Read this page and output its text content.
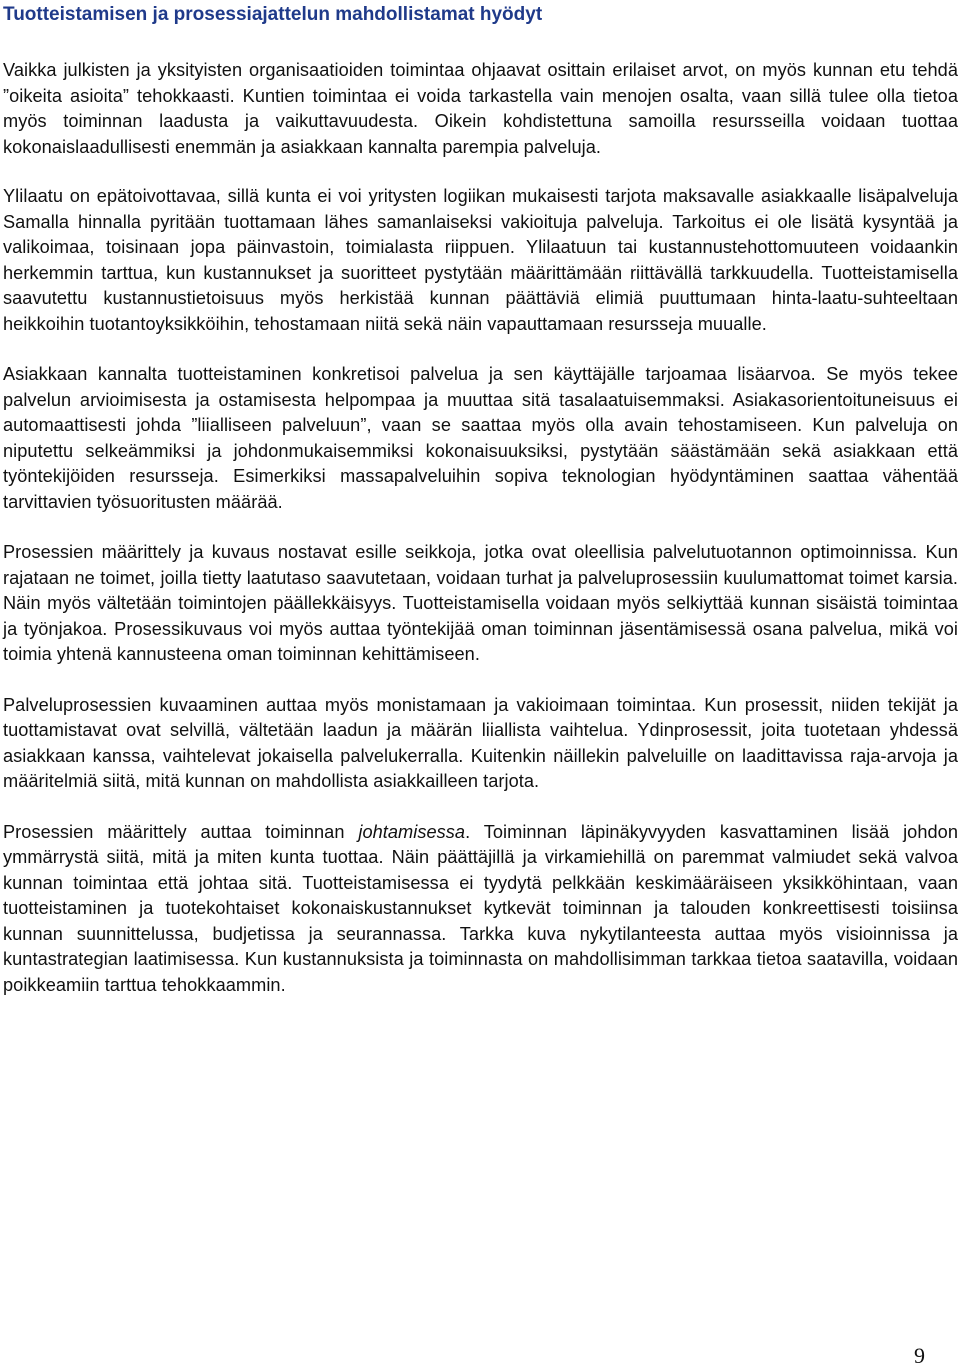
Tuotteistamisen ja prosessiajattelun mahdollistamat hyödyt

Vaikka julkisten ja yksityisten organisaatioiden toimintaa ohjaavat osittain erilaiset arvot, on myös kunnan etu tehdä ”oikeita asioita” tehokkaasti. Kuntien toimintaa ei voida tarkastella vain menojen osalta, vaan sillä tulee olla tietoa myös toiminnan laadusta ja vaikuttavuudesta. Oikein kohdistettuna samoilla resursseilla voidaan tuottaa kokonaislaadullisesti enemmän ja asiakkaan kannalta parempia palveluja.

Ylilaatu on epätoivottavaa, sillä kunta ei voi yritysten logiikan mukaisesti tarjota maksavalle asiakkaalle lisäpalveluja Samalla hinnalla pyritään tuottamaan lähes samanlaiseksi vakioituja palveluja. Tarkoitus ei ole lisätä kysyntää ja valikoimaa, toisinaan jopa päinvastoin, toimialasta riippuen. Ylilaatuun tai kustannustehottomuuteen voidaankin herkemmin tarttua, kun kustannukset ja suoritteet pystytään määrittämään riittävällä tarkkuudella. Tuotteistamisella saavutettu kustannustietoisuus myös herkistää kunnan päättäviä elimiä puuttumaan hinta-laatu-suhteeltaan heikkoihin tuotantoyksikköihin, tehostamaan niitä sekä näin vapauttamaan resursseja muualle.

Asiakkaan kannalta tuotteistaminen konkretisoi palvelua ja sen käyttäjälle tarjoamaa lisäarvoa. Se myös tekee palvelun arvioimisesta ja ostamisesta helpompaa ja muuttaa sitä tasalaatuisemmaksi. Asiakasorientoituneisuus ei automaattisesti johda ”liialliseen palveluun”, vaan se saattaa myös olla avain tehostamiseen. Kun palveluja on niputettu selkeämmiksi ja johdonmukaisemmiksi kokonaisuuksiksi, pystytään säästämään sekä asiakkaan että työntekijöiden resursseja. Esimerkiksi massapalveluihin sopiva teknologian hyödyntäminen saattaa vähentää tarvittavien työsuoritusten määrää.

Prosessien määrittely ja kuvaus nostavat esille seikkoja, jotka ovat oleellisia palvelutuotannon optimoinnissa. Kun rajataan ne toimet, joilla tietty laatutaso saavutetaan, voidaan turhat ja palveluprosessiin kuulumattomat toimet karsia. Näin myös vältetään toimintojen päällekkäisyys. Tuotteistamisella voidaan myös selkiyttää kunnan sisäistä toimintaa ja työnjakoa. Prosessikuvaus voi myös auttaa työntekijää oman toiminnan jäsentämisessä osana palvelua, mikä voi toimia yhtenä kannusteena oman toiminnan kehittämiseen.

Palveluprosessien kuvaaminen auttaa myös monistamaan ja vakioimaan toimintaa. Kun prosessit, niiden tekijät ja tuottamistavat ovat selvillä, vältetään laadun ja määrän liiallista vaihtelua. Ydinprosessit, joita tuotetaan yhdessä asiakkaan kanssa, vaihtelevat jokaisella palvelukerralla. Kuitenkin näillekin palveluille on laadittavissa raja-arvoja ja määritelmiä siitä, mitä kunnan on mahdollista asiakkailleen tarjota.

Prosessien määrittely auttaa toiminnan johtamisessa. Toiminnan läpinäkyvyyden kasvattaminen lisää johdon ymmärrystä siitä, mitä ja miten kunta tuottaa. Näin päättäjillä ja virkamiehillä on paremmat valmiudet sekä valvoa kunnan toimintaa että johtaa sitä. Tuotteistamisessa ei tyydytä pelkkään keskimääräiseen yksikköhintaan, vaan tuotteistaminen ja tuotekohtaiset kokonaiskustannukset kytkevät toiminnan ja talouden konkreettisesti toisiinsa kunnan suunnittelussa, budjetissa ja seurannassa. Tarkka kuva nykytilanteesta auttaa myös visioinnissa ja kuntastrategian laatimisessa. Kun kustannuksista ja toiminnasta on mahdollisimman tarkkaa tietoa saatavilla, voidaan poikkeamiin tarttua tehokkaammin.

9
